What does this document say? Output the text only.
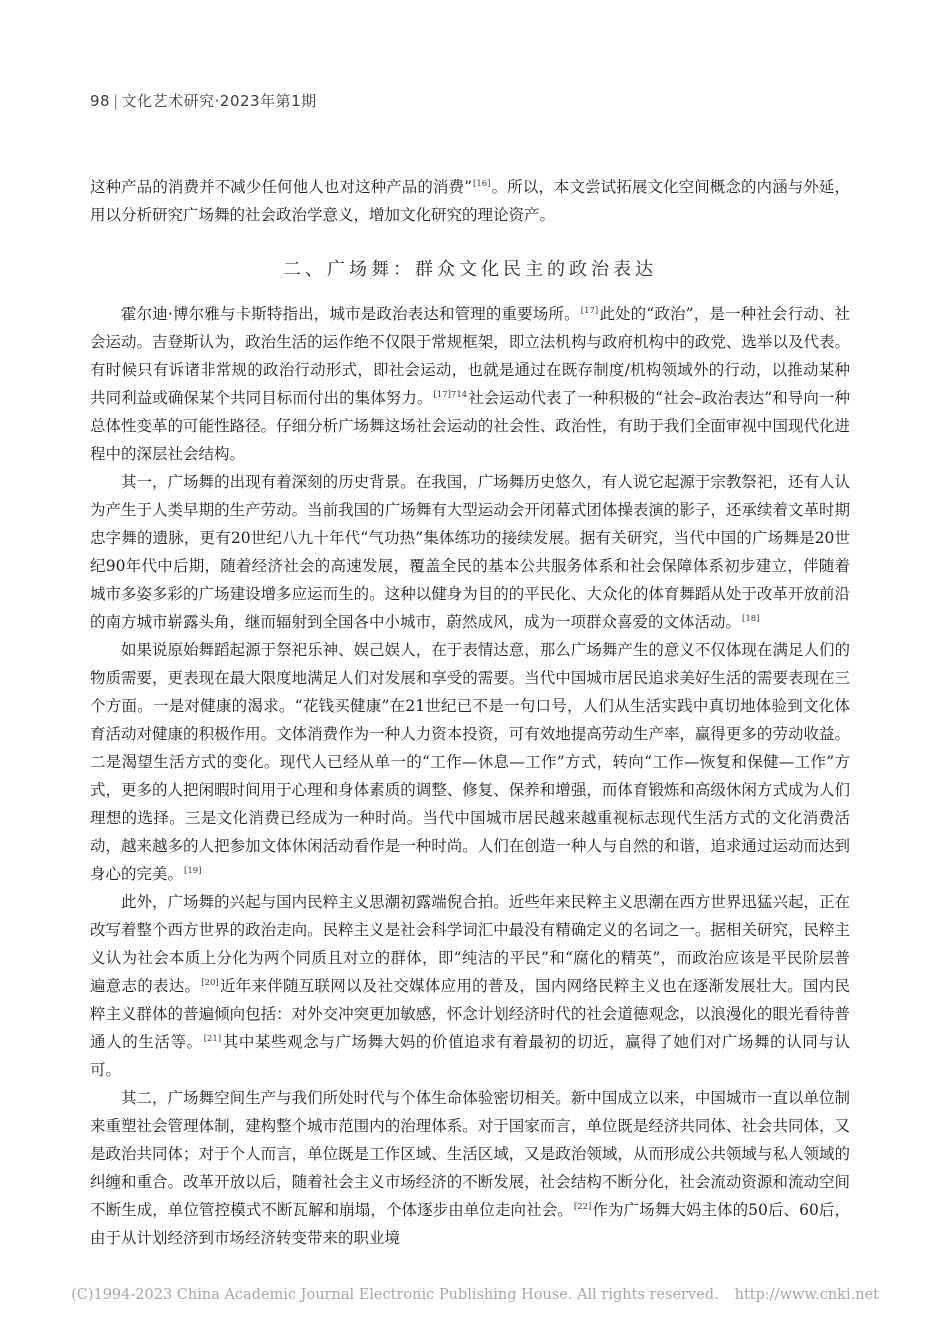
98 | 文化艺术研究·2023年第1期

这种产品的消费并不减少任何他人也对这种产品的消费”[16]。所以，本文尝试拓展文化空间概念的内涵与外延，用以分析研究广场舞的社会政治学意义，增加文化研究的理论资产。

二、广场舞：群众文化民主的政治表达

霍尔迪·博尔雅与卡斯特指出，城市是政治表达和管理的重要场所。[17]此处的“政治”，是一种社会行动、社会运动。吉登斯认为，政治生活的运作绝不仅限于常规框架，即立法机构与政府机构中的政党、选举以及代表。有时候只有诉诸非常规的政治行动形式，即社会运动，也就是通过在既存制度/机构领域外的行动，以推动某种共同利益或确保某个共同目标而付出的集体努力。$^{[17]714}$社会运动代表了一种积极的“社会–政治表达”和导向一种总体性变革的可能性路径。仔细分析广场舞这场社会运动的社会性、政治性，有助于我们全面审视中国现代化进程中的深层社会结构。

其一，广场舞的出现有着深刻的历史背景。在我国，广场舞历史悠久，有人说它起源于宗教祭祀，还有人认为产生于人类早期的生产劳动。当前我国的广场舞有大型运动会开闭幕式团体操表演的影子，还承续着文革时期忠字舞的遗脉，更有20世纪八九十年代“气功热”集体练功的接续发展。据有关研究，当代中国的广场舞是20世纪90年代中后期，随着经济社会的高速发展，覆盖全民的基本公共服务体系和社会保障体系初步建立，伴随着城市多姿多彩的广场建设增多应运而生的。这种以健身为目的的平民化、大众化的体育舞蹈从处于改革开放前沿的南方城市崭露头角，继而辐射到全国各中小城市，蔚然成风，成为一项群众喜爱的文体活动。[18]

如果说原始舞蹈起源于祭祀乐神、娱己娱人，在于表情达意，那么广场舞产生的意义不仅体现在满足人们的物质需要，更表现在最大限度地满足人们对发展和享受的需要。当代中国城市居民追求美好生活的需要表现在三个方面。一是对健康的渴求。“花钱买健康”在21世纪已不是一句口号，人们从生活实践中真切地体验到文化体育活动对健康的积极作用。文体消费作为一种人力资本投资，可有效地提高劳动生产率，赢得更多的劳动收益。二是渴望生活方式的变化。现代人已经从单一的“工作—休息—工作”方式，转向“工作—恢复和保健—工作”方式，更多的人把闲暇时间用于心理和身体素质的调整、修复、保养和增强，而体育锻炼和高级休闲方式成为人们理想的选择。三是文化消费已经成为一种时尚。当代中国城市居民越来越重视标志现代生活方式的文化消费活动，越来越多的人把参加文体休闲活动看作是一种时尚。人们在创造一种人与自然的和谐，追求通过运动而达到身心的完美。[19]

此外，广场舞的兴起与国内民粹主义思潮初露端倪合拍。近些年来民粹主义思潮在西方世界迅猛兴起，正在改写着整个西方世界的政治走向。民粹主义是社会科学词汇中最没有精确定义的名词之一。据相关研究，民粹主义认为社会本质上分化为两个同质且对立的群体，即“纯洁的平民”和“腐化的精英”，而政治应该是平民阶层普遍意志的表达。[20]近年来伴随互联网以及社交媒体应用的普及，国内网络民粹主义也在逐渐发展壮大。国内民粹主义群体的普遍倾向包括：对外交冲突更加敏感，怀念计划经济时代的社会道德观念，以浪漫化的眼光看待普通人的生活等。[21]其中某些观念与广场舞大妈的价值追求有着最初的切近，赢得了她们对广场舞的认同与认可。

其二，广场舞空间生产与我们所处时代与个体生命体验密切相关。新中国成立以来，中国城市一直以单位制来重塑社会管理体制，建构整个城市范围内的治理体系。对于国家而言，单位既是经济共同体、社会共同体，又是政治共同体；对于个人而言，单位既是工作区域、生活区域，又是政治领域，从而形成公共领域与私人领域的纠缠和重合。改革开放以后，随着社会主义市场经济的不断发展，社会结构不断分化，社会流动资源和流动空间不断生成，单位管控模式不断瓦解和崩塌，个体逐步由单位走向社会。[22]作为广场舞大妈主体的50后、60后，由于从计划经济到市场经济转变带来的职业境

(C)1994-2023 China Academic Journal Electronic Publishing House. All rights reserved. http://www.cnki.net
